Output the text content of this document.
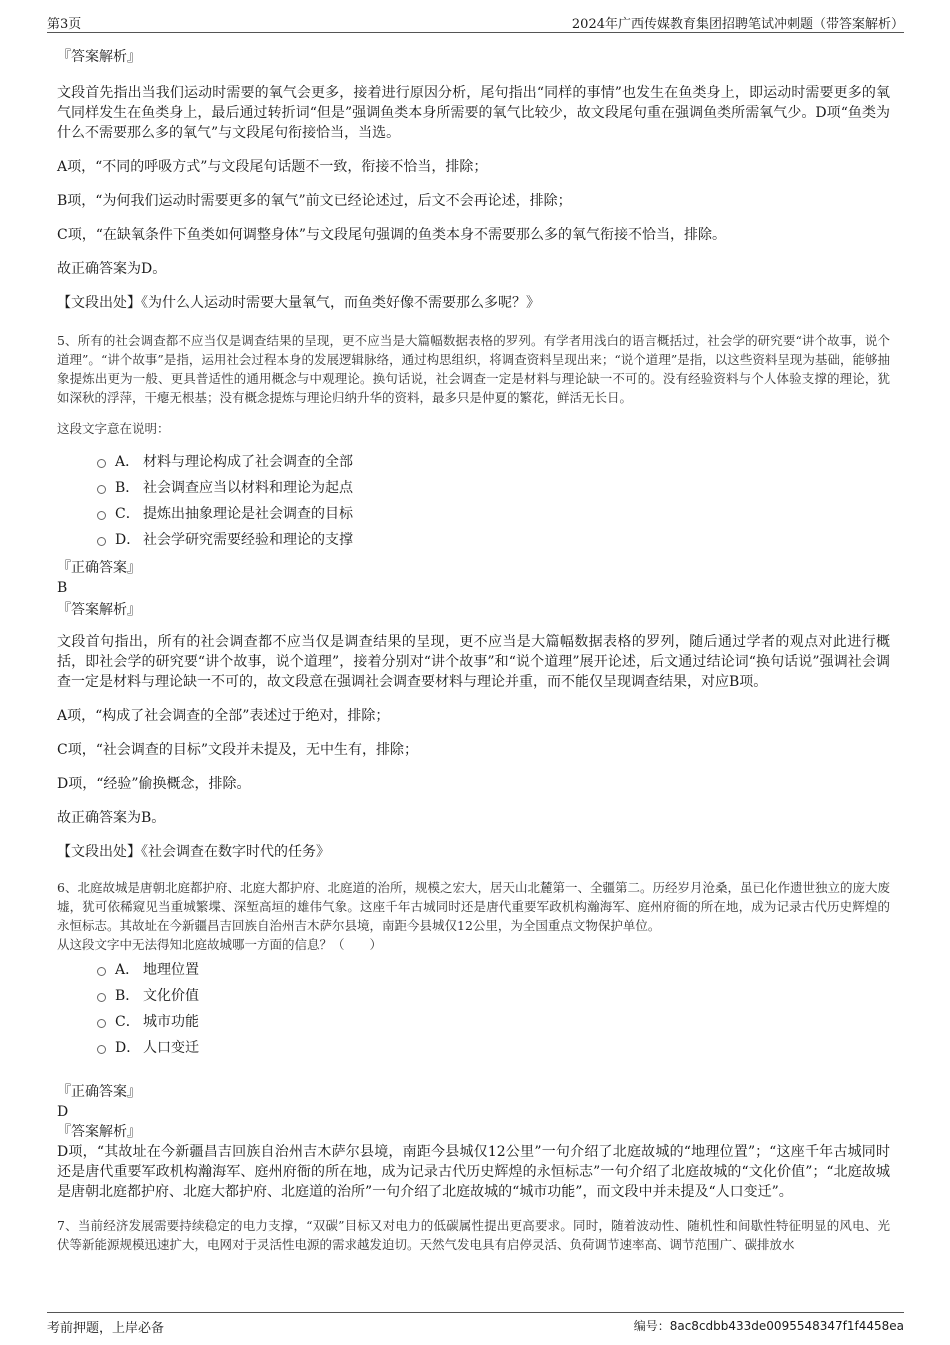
第3页	2024年广西传媒教育集团招聘笔试冲刺题（带答案解析）

『答案解析』

文段首先指出当我们运动时需要的氧气会更多，接着进行原因分析，尾句指出“同样的事情”也发生在鱼类身上，即运动时需要更多的氧气同样发生在鱼类身上，最后通过转折词“但是”强调鱼类本身所需要的氧气比较少，故文段尾句重在强调鱼类所需氧气少。D项“鱼类为什么不需要那么多的氧气”与文段尾句衔接恰当，当选。

A项，“不同的呼吸方式”与文段尾句话题不一致，衔接不恰当，排除；

B项，“为何我们运动时需要更多的氧气”前文已经论述过，后文不会再论述，排除；

C项，“在缺氧条件下鱼类如何调整身体”与文段尾句强调的鱼类本身不需要那么多的氧气衔接不恰当，排除。

故正确答案为D。

【文段出处】《为什么人运动时需要大量氧气，而鱼类好像不需要那么多呢？》

5、所有的社会调查都不应当仅是调查结果的呈现，更不应当是大篇幅数据表格的罗列。有学者用浅白的语言概括过，社会学的研究要“讲个故事，说个道理”。“讲个故事”是指，运用社会过程本身的发展逻辑脉络，通过构思组织，将调查资料呈现出来；“说个道理”是指，以这些资料呈现为基础，能够抽象提炼出更为一般、更具普适性的通用概念与中观理论。换句话说，社会调查一定是材料与理论缺一不可的。没有经验资料与个人体验支撑的理论，犹如深秋的浮萍，干瘪无根基；没有概念提炼与理论归纳升华的资料，最多只是仲夏的繁花，鲜活无长日。

这段文字意在说明：

A． 材料与理论构成了社会调查的全部
B． 社会调查应当以材料和理论为起点
C． 提炼出抽象理论是社会调查的目标
D． 社会学研究需要经验和理论的支撑

『正确答案』

B

『答案解析』

文段首句指出，所有的社会调查都不应当仅是调查结果的呈现，更不应当是大篇幅数据表格的罗列，随后通过学者的观点对此进行概括，即社会学的研究要“讲个故事，说个道理”，接着分别对“讲个故事”和“说个道理”展开论述，后文通过结论词“换句话说”强调社会调查一定是材料与理论缺一不可的，故文段意在强调社会调查要材料与理论并重，而不能仅呈现调查结果，对应B项。

A项，“构成了社会调查的全部”表述过于绝对，排除；

C项，“社会调查的目标”文段并未提及，无中生有，排除；

D项，“经验”偷换概念，排除。

故正确答案为B。

【文段出处】《社会调查在数字时代的任务》

6、北庭故城是唐朝北庭都护府、北庭大都护府、北庭道的治所，规模之宏大，居天山北麓第一、全疆第二。历经岁月沧桑，虽已化作遗世独立的庞大废墟，犹可依稀窥见当重城繁堞、深堑高垣的雄伟气象。这座千年古城同时还是唐代重要军政机构瀚海军、庭州府衙的所在地，成为记录古代历史辉煌的永恒标志。其故址在今新疆昌吉回族自治州吉木萨尔县境，南距今县城仅12公里，为全国重点文物保护单位。

从这段文字中无法得知北庭故城哪一方面的信息？（　　）

A． 地理位置
B． 文化价值
C． 城市功能
D． 人口变迁

『正确答案』

D

『答案解析』

D项，“其故址在今新疆昌吉回族自治州吉木萨尔县境，南距今县城仅12公里”一句介绍了北庭故城的“地理位置”；“这座千年古城同时还是唐代重要军政机构瀚海军、庭州府衙的所在地，成为记录古代历史辉煌的永恒标志”一句介绍了北庭故城的“文化价值”；“北庭故城是唐朝北庭都护府、北庭大都护府、北庭道的治所”一句介绍了北庭故城的“城市功能”，而文段中并未提及“人口变迁”。

7、当前经济发展需要持续稳定的电力支撑，“双碳”目标又对电力的低碳属性提出更高要求。同时，随着波动性、随机性和间歇性特征明显的风电、光伏等新能源规模迅速扩大，电网对于灵活性电源的需求越发迫切。天然气发电具有启停灵活、负荷调节速率高、调节范围广、碳排放水

考前押题，上岸必备	编号：8ac8cdbb433de0095548347f1f4458ea
